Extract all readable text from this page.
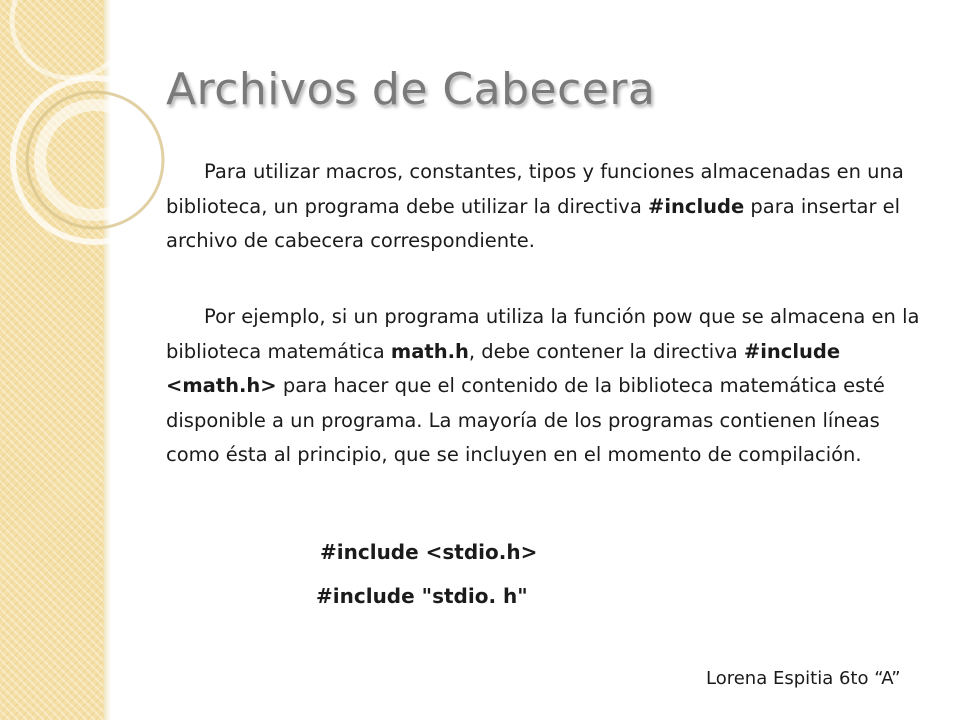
Archivos de Cabecera

Para utilizar macros, constantes, tipos y funciones almacenadas en una biblioteca, un programa debe utilizar la directiva #include para insertar el archivo de cabecera correspondiente.

Por ejemplo, si un programa utiliza la función pow que se almacena en la biblioteca matemática math.h, debe contener la directiva #include <math.h> para hacer que el contenido de la biblioteca matemática esté disponible a un programa. La mayoría de los programas contienen líneas como ésta al principio, que se incluyen en el momento de compilación.

#include <stdio.h>

#include "stdio. h"

Lorena Espitia 6to “A”
